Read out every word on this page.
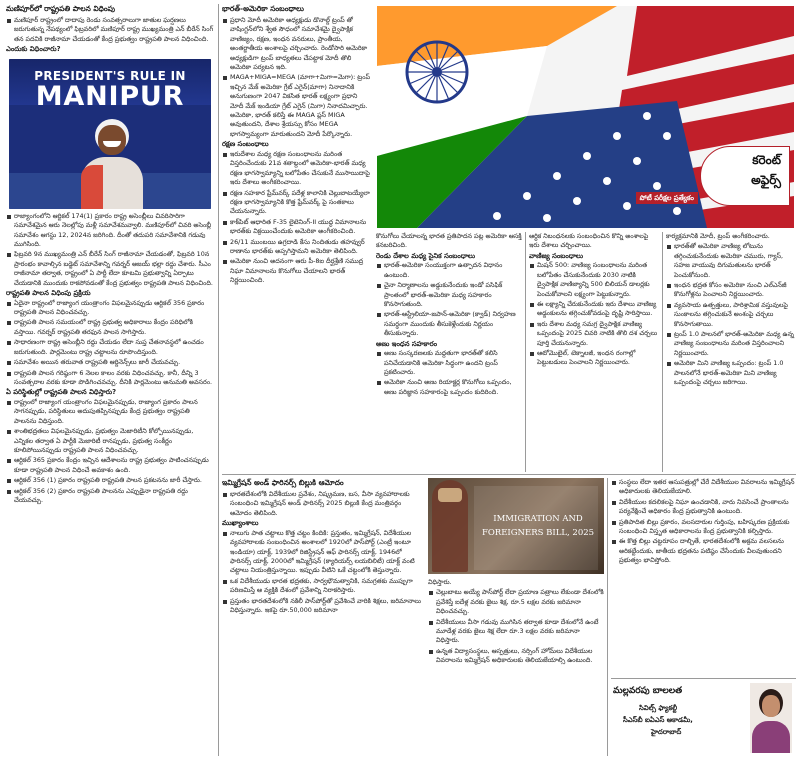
మణిపూర్‌లో రాష్ట్రపతి పాలన విధింపు

మణిపూర్ రాష్ట్రంలో దాదాపు రెండు సంవత్సరాలుగా జాతుల ఘర్షణలు జరుగుతున్న నేపథ్యంలో ఫిబ్రవరిలో మణిపూర్ రాష్ట్ర ముఖ్యమంత్రి ఎన్ బీరేన్ సింగ్ తన పదవికి రాజీనామా చేయడంతో కేంద్ర ప్రభుత్వం రాష్ట్రపతి పాలన విధించింది.

ఎందుకు విధించారు?
PRESIDENT'S RULE IN
MANIPUR

రాజ్యాంగంలోని ఆర్టికల్ 174(1) ప్రకారం రాష్ట్ర అసెంబ్లీలు చివరిసారిగా సమావేశమైన ఆరు నెలల్లోపు మళ్లీ సమావేశమవ్వాలి. మణిపూర్‌లో చివరి అసెంబ్లీ సమావేశం ఆగస్టు 12, 2024న జరిగింది. దీంతో తదుపరి సమావేశానికి గడువు ముగిసింది.

ఫిబ్రవరి 9న ముఖ్యమంత్రి ఎన్ బీరేన్ సింగ్ రాజీనామా చేయడంతో, ఫిబ్రవరి 10న ప్రారంభం కావాల్సిన బడ్జెట్ సమావేశాన్ని గవర్నర్ అజయ్ భల్లా రద్దు చేశారు. సీఎం రాజీనామా తర్వాత, రాష్ట్రంలో ఏ పార్టీ లేదా కూటమి ప్రభుత్వాన్ని ఏర్పాటు చేయడానికి ముందుకు రాకపోవడంతో కేంద్ర ప్రభుత్వం రాష్ట్రపతి పాలన విధించింది.

రాష్ట్రపతి పాలన విధింపు ప్రక్రియ

ఏదైనా రాష్ట్రంలో రాజ్యాంగ యంత్రాంగం విఫలమైనప్పుడు ఆర్టికల్ 356 ప్రకారం రాష్ట్రపతి పాలన విధించవచ్చు.

రాష్ట్రపతి పాలన సమయంలో రాష్ట్ర ప్రభుత్వ అధికారాలు కేంద్రం పరిధిలోకి వస్తాయి. గవర్నర్ రాష్ట్రపతి తరఫున పాలన సాగిస్తారు.

సాధారణంగా రాష్ట్ర అసెంబ్లీని రద్దు చేయడం లేదా సుప్త చేతనావస్థలో ఉంచడం జరుగుతుంది. పార్లమెంటు రాష్ట్ర చట్టాలను రూపొందిస్తుంది.

సమావేశం అయిన తరువాత రాష్ట్రపతి ఆర్డినెన్స్‌లు జారీ చేయవచ్చు.

రాష్ట్రపతి పాలన గరిష్ఠంగా 6 నెలల కాలం వరకు విధించవచ్చు. కానీ, దీన్ని 3 సంవత్సరాల వరకు కూడా పొడిగించవచ్చు. దీనికి పార్లమెంటు అనుమతి అవసరం.

ఏ పరిస్థితుల్లో రాష్ట్రపతి పాలన విధిస్తారు?

రాష్ట్రంలో రాజ్యాంగ యంత్రాంగం విఫలమైనప్పుడు, రాజ్యాంగ ప్రకారం పాలన సాగనప్పుడు, పరిస్థితులు అదుపుతప్పినప్పుడు కేంద్ర ప్రభుత్వం రాష్ట్రపతి పాలనను విధిస్తుంది.

శాంతిభద్రతలు విఫలమైనప్పుడు, ప్రభుత్వం మెజారిటీని కోల్పోయినప్పుడు, ఎన్నికల తర్వాత ఏ పార్టీకి మెజారిటీ రానప్పుడు, ప్రభుత్వ సంకీర్ణం కూలిపోయినప్పుడు రాష్ట్రపతి పాలన విధించవచ్చు.

ఆర్టికల్ 365 ప్రకారం కేంద్రం ఇచ్చిన ఆదేశాలను రాష్ట్ర ప్రభుత్వం పాటించనప్పుడు కూడా రాష్ట్రపతి పాలన విధించే అవకాశం ఉంది.

ఆర్టికల్ 356 (1) ప్రకారం రాష్ట్రపతి రాష్ట్రపతి పాలన ప్రకటనను జారీ చేస్తారు.

ఆర్టికల్ 356 (2) ప్రకారం రాష్ట్రపతి పాలనను ఎప్పుడైనా రాష్ట్రపతి రద్దు చేయవచ్చు.

భారత్-అమెరికా సంబంధాలు

ప్రధాని మోదీ అమెరికా అధ్యక్షుడు డొనాల్డ్ ట్రంప్ తో వాషింగ్టన్‌లోని శ్వేత సౌధంలో సమావేశమై ద్వైపాక్షిక వాణిజ్యం, రక్షణ, ఇంధన వనరులు, ప్రాంతీయ, అంతర్జాతీయ అంశాలపై చర్చించారు. రెండోసారి అమెరికా అధ్యక్షుడిగా ట్రంప్ బాధ్యతలు చేపట్టాక మోదీ తొలి అమెరికా పర్యటన ఇది.

MAGA+MIGA=MEGA (మాగా+మిగా=మెగా): ట్రంప్ ఇచ్చిన మేక్ అమెరికా గ్రేట్ ఎగైన్(మాగా) నినాదానికి అనుగుణంగా 2047 వికసిత భారత్ లక్ష్యంగా ప్రధాని మోదీ మేక్ ఇండియా గ్రేట్ ఎగైన్ (మిగా) నినాదమిచ్చారు. అమెరికా, భారత్ కలిస్తే ఈ MAGA ప్లస్ MIGA అవుతుందని, దేశాల శ్రేయస్సు కోసం MEGA భాగస్వామ్యంగా మారుతుందని మోదీ పేర్కొన్నారు.

రక్షణ సంబంధాలు

ఇరుదేశాల మధ్య రక్షణ సంబంధాలను మరింత విస్తరించేందుకు 21వ శతాబ్దంలో అమెరికా-భారత్ మధ్య రక్షణ భాగస్వామ్యాన్ని బలోపేతం చేసుకునే ముసాయిదాపై ఇరు దేశాలు అంగీకరించాయి.

రక్షణ సహకార ఫ్రేమ్‌వర్క్‌ పదేళ్ల కాలానికి చెల్లుబాటయ్యేలా రక్షణ భాగస్వామ్యానికి కొత్త ఫ్రేమ్‌వర్క్‌ పై సంతకాలు చేయనున్నారు.

కాక్‌పిట్ ఆధారిత F-35 లైటెనింగ్-II యుద్ధ విమానాలను భారత్‌కు విక్రయించేందుకు అమెరికా అంగీకరించింది.

26/11 ముంబయి ఉగ్రదాడి కేసు నిందితుడు తహవ్వుర్ రాణాను భారత్‌కు అప్పగిస్తామని అమెరికా తెలిపింది.

అమెరికా నుంచి అదనంగా ఆరు పీ-8ఐ దీర్ఘశ్రేణి సముద్ర నిఘా విమానాలను కొనుగోలు చేయాలని భారత్ నిర్ణయించింది.

కరెంట్
అఫైర్స్
పోటీ పరీక్షల ప్రత్యేకం

కొనుగోలు చేయాలన్న భారత ప్రతిపాదన పట్ల అమెరికా ఆసక్తి కనబరిచింది.

రెండు దేశాల మధ్య సైనిక సంబంధాలు

భారత్-అమెరికా సంయుక్తంగా ఉత్పాదన విధానం ఉంటుంది.

చైనా నిర్మాణాలను అడ్డుకునేందుకు ఇండో పసిఫిక్ ప్రాంతంలో భారత్-అమెరికా మధ్య సహకారం కొనసాగుతుంది.

భారత్-ఆస్ట్రేలియా-జపాన్-అమెరికా (క్వాడ్) నిర్వహణ సమర్థంగా ముందుకు తీసుకెళ్లేందుకు నిర్ణయం తీసుకున్నారు.

అణు ఇంధన సహకారం

అణు సంస్కరణలకు మద్దతుగా భారత్‌తో కలిసి పనిచేయడానికి అమెరికా సిద్ధంగా ఉందని ట్రంప్ ప్రకటించారు.

అమెరికా నుంచి అణు రియాక్టర్ల కొనుగోలు ఒప్పందం, అణు పరిజ్ఞాన సహకారంపై ఒప్పందం కుదిరింది.

ఆర్థిక నిబంధనలకు సంబంధించిన కొన్ని అంశాలపై ఇరు దేశాలు చర్చించాయి.

వాణిజ్య సంబంధాలు

మిషన్ 500: వాణిజ్య సంబంధాలను మరింత బలోపేతం చేసుకునేందుకు 2030 నాటికి ద్వైపాక్షిక వాణిజ్యాన్ని 500 బిలియన్ డాలర్లకు పెంచుకోవాలని లక్ష్యంగా పెట్టుకున్నారు.

ఈ లక్ష్యాన్ని చేరుకునేందుకు ఇరు దేశాలు వాణిజ్య అడ్డంకులను తగ్గించుకోవడంపై దృష్టి సారిస్తాయి.

ఇరు దేశాల మధ్య సమగ్ర ద్వైపాక్షిక వాణిజ్య ఒప్పందంపై 2025 చివరి నాటికి తొలి దశ చర్చలు పూర్తి చేయనున్నారు.

ఆటోమొబైల్, టెక్నాలజీ, ఇంధన రంగాల్లో పెట్టుబడులు పెంచాలని నిర్ణయించారు.

కార్యక్రమానికి మోదీ, ట్రంప్ అంగీకరించారు.

భారత్‌తో అమెరికా వాణిజ్య లోటును తగ్గించుకునేందుకు అమెరికా చమురు, గ్యాస్, సహజ వాయువు దిగుమతులను భారత్ పెంచుకోనుంది.

ఇంధన భద్రత కోసం అమెరికా నుంచి ఎల్ఎన్‌జీ కొనుగోళ్లను పెంచాలని నిర్ణయించారు.

వ్యవసాయ ఉత్పత్తులు, పారిశ్రామిక వస్తువులపై సుంకాలను తగ్గించుకునే అంశంపై చర్చలు కొనసాగుతాయి.

ట్రంప్ 1.0 పాలనలో భారత్-అమెరికా మధ్య ఉన్న వాణిజ్య సంబంధాలను మరింత విస్తరించాలని నిర్ణయించారు.

అమెరికా మిని వాణిజ్య ఒప్పందం: ట్రంప్ 1.0 పాలనలోనే భారత్-అమెరికా మిని వాణిజ్య ఒప్పందంపై చర్చలు జరిగాయి.

ఇమ్మిగ్రేషన్ అండ్ ఫారినర్స్ బిల్లుకి ఆమోదం

భారతదేశంలోకి విదేశీయుల ప్రవేశం, నిష్క్రమణ, బస, వీసా వ్యవహారాలకు సంబంధించి ఇమ్మిగ్రేషన్ అండ్ ఫారినర్స్ 2025 బిల్లుకి కేంద్ర మంత్రివర్గం ఆమోదం తెలిపింది.

ముఖ్యాంశాలు

నాలుగు పాత చట్టాలు కొత్త చట్టం కిందికి: ప్రస్తుతం, ఇమ్మిగ్రేషన్, విదేశీయుల వ్యవహారాలకు సంబంధించిన అంశాలలో 1920లో పాస్‌పోర్ట్ (ఎంట్రీ ఇంటూ ఇండియా) యాక్ట్, 1939లో రిజిస్ట్రేషన్ ఆఫ్ ఫారినర్స్ యాక్ట్, 1946లో ఫారినర్స్ యాక్ట్, 2000లో ఇమ్మిగ్రేషన్ (క్యారియర్స్ లయబిలిటీ) యాక్ట్ వంటి చట్టాలు నియంత్రిస్తున్నాయి. ఇప్పుడు వీటిని ఒకే చట్టంలోకి తెస్తున్నారు.

ఒక విదేశీయుడు భారత భద్రతకు, సార్వభౌమత్వానికి, సమగ్రతకు ముప్పుగా పరిణమిస్తే ఆ వ్యక్తికి దేశంలో ప్రవేశాన్ని నిరాకరిస్తారు.

ప్రస్తుతం భారతదేశంలోకి నకిలీ పాస్‌పోర్ట్‌తో ప్రవేశించే వారికి శిక్షలు, జరిమానాలు విధిస్తున్నారు. ఇకపై రూ.50,000 జరిమానా

IMMIGRATION AND
FOREIGNERS BILL, 2025

విధిస్తారు.

చెల్లుబాటు అయ్యే పాస్‌పోర్ట్ లేదా ప్రయాణ పత్రాలు లేకుండా దేశంలోకి ప్రవేశిస్తే ఐదేళ్ల వరకు జైలు శిక్ష, రూ.5 లక్షల వరకు జరిమానా విధించవచ్చు.

విదేశీయులు వీసా గడువు ముగిసిన తర్వాత కూడా దేశంలోనే ఉంటే మూడేళ్ల వరకు జైలు శిక్ష లేదా రూ.3 లక్షల వరకు జరిమానా విధిస్తారు.

ఉన్నత విద్యాసంస్థలు, ఆస్పత్రులు, నర్సింగ్ హోమ్‌లు విదేశీయుల వివరాలను ఇమ్మిగ్రేషన్ అధికారులకు తెలియజేయాల్సి ఉంటుంది.

సంస్థలు లేదా ఇతర ఆసుపత్రుల్లో చేరే విదేశీయుల వివరాలను ఇమ్మిగ్రేషన్ అధికారులకు తెలియజేయాలి.

విదేశీయుల కదలికలపై నిఘా ఉంచడానికి, వారు నివసించే ప్రాంతాలను పర్యవేక్షించే అధికారం కేంద్ర ప్రభుత్వానికి ఉంటుంది.

ప్రతిపాదిత బిల్లు ప్రకారం, వలసదారుల గుర్తింపు, బహిష్కరణ ప్రక్రియకు సంబంధించి విస్తృత అధికారాలను కేంద్ర ప్రభుత్వానికి కల్పిస్తారు.

ఈ కొత్త బిల్లు చట్టరూపం దాల్చితే, భారతదేశంలోకి అక్రమ వలసలను అరికట్టేందుకు, జాతీయ భద్రతను పటిష్ఠం చేసేందుకు వీలవుతుందని ప్రభుత్వం భావిస్తోంది.

మల్లవరపు బాలలత
సివిల్స్ ఫ్యాకల్టీ
సీఎస్‌బీ ఐఏఎస్ అకాడమీ,
హైదరాబాద్
